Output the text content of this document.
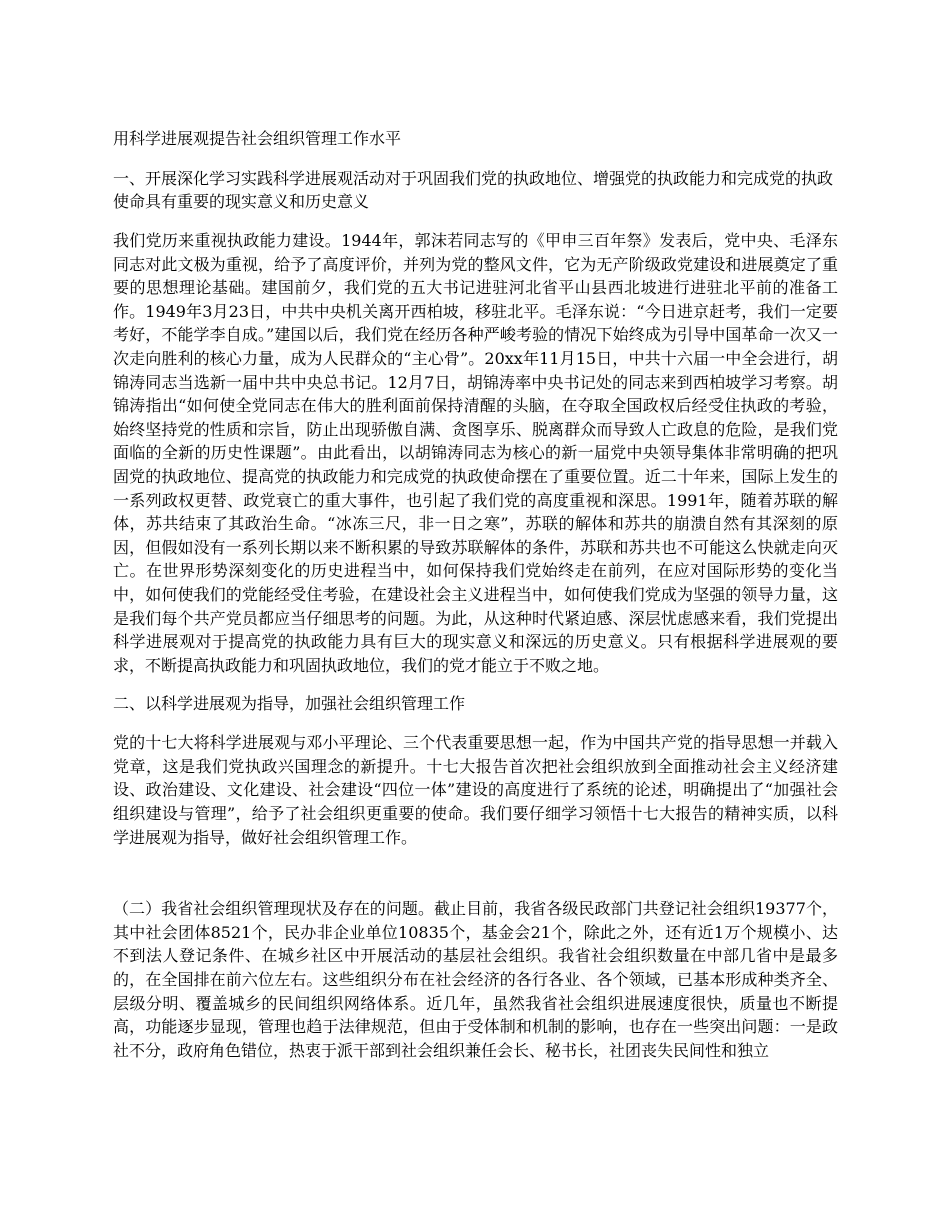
用科学进展观提告社会组织管理工作水平
一、开展深化学习实践科学进展观活动对于巩固我们党的执政地位、增强党的执政能力和完成党的执政使命具有重要的现实意义和历史意义

我们党历来重视执政能力建设。1944年，郭沫若同志写的《甲申三百年祭》发表后，党中央、毛泽东同志对此文极为重视，给予了高度评价，并列为党的整风文件，它为无产阶级政党建设和进展奠定了重要的思想理论基础。建国前夕，我们党的五大书记进驻河北省平山县西北坡进行进驻北平前的准备工作。1949年3月23日，中共中央机关离开西柏坡，移驻北平。毛泽东说：“今日进京赶考，我们一定要考好，不能学李自成。”建国以后，我们党在经历各种严峻考验的情况下始终成为引导中国革命一次又一次走向胜利的核心力量，成为人民群众的“主心骨”。20xx年11月15日，中共十六届一中全会进行，胡锦涛同志当选新一届中共中央总书记。12月7日，胡锦涛率中央书记处的同志来到西柏坡学习考察。胡锦涛指出“如何使全党同志在伟大的胜利面前保持清醒的头脑，在夺取全国政权后经受住执政的考验，始终坚持党的性质和宗旨，防止出现骄傲自满、贪图享乐、脱离群众而导致人亡政息的危险，是我们党面临的全新的历史性课题”。由此看出，以胡锦涛同志为核心的新一届党中央领导集体非常明确的把巩固党的执政地位、提高党的执政能力和完成党的执政使命摆在了重要位置。近二十年来，国际上发生的一系列政权更替、政党衰亡的重大事件，也引起了我们党的高度重视和深思。1991年，随着苏联的解体，苏共结束了其政治生命。“冰冻三尺，非一日之寒”，苏联的解体和苏共的崩溃自然有其深刻的原因，但假如没有一系列长期以来不断积累的导致苏联解体的条件，苏联和苏共也不可能这么快就走向灭亡。在世界形势深刻变化的历史进程当中，如何保持我们党始终走在前列，在应对国际形势的变化当中，如何使我们的党能经受住考验，在建设社会主义进程当中，如何使我们党成为坚强的领导力量，这是我们每个共产党员都应当仔细思考的问题。为此，从这种时代紧迫感、深层忧虑感来看，我们党提出科学进展观对于提高党的执政能力具有巨大的现实意义和深远的历史意义。只有根据科学进展观的要求，不断提高执政能力和巩固执政地位，我们的党才能立于不败之地。

二、以科学进展观为指导，加强社会组织管理工作

党的十七大将科学进展观与邓小平理论、三个代表重要思想一起，作为中国共产党的指导思想一并载入党章，这是我们党执政兴国理念的新提升。十七大报告首次把社会组织放到全面推动社会主义经济建设、政治建设、文化建设、社会建设“四位一体”建设的高度进行了系统的论述，明确提出了“加强社会组织建设与管理”，给予了社会组织更重要的使命。我们要仔细学习领悟十七大报告的精神实质，以科学进展观为指导，做好社会组织管理工作。

（二）我省社会组织管理现状及存在的问题。截止目前，我省各级民政部门共登记社会组织19377个，其中社会团体8521个，民办非企业单位10835个，基金会21个，除此之外，还有近1万个规模小、达不到法人登记条件、在城乡社区中开展活动的基层社会组织。我省社会组织数量在中部几省中是最多的，在全国排在前六位左右。这些组织分布在社会经济的各行各业、各个领域，已基本形成种类齐全、层级分明、覆盖城乡的民间组织网络体系。近几年，虽然我省社会组织进展速度很快，质量也不断提高，功能逐步显现，管理也趋于法律规范，但由于受体制和机制的影响，也存在一些突出问题：一是政社不分，政府角色错位，热衷于派干部到社会组织兼任会长、秘书长，社团丧失民间性和独立
